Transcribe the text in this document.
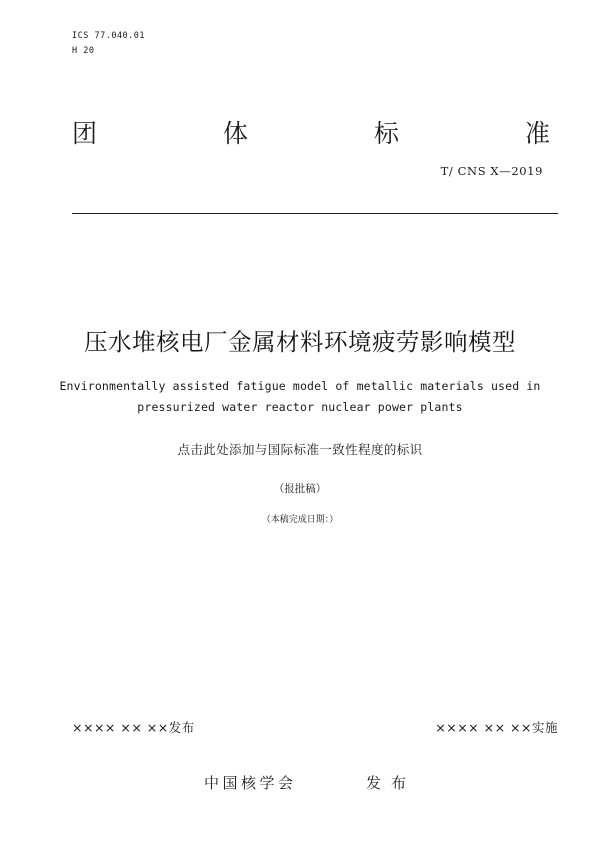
ICS 77.040.01
H 20
团	体	标	准
T/ CNS X—2019
压水堆核电厂金属材料环境疲劳影响模型
Environmentally assisted fatigue model of metallic materials used in pressurized water reactor nuclear power plants
点击此处添加与国际标准一致性程度的标识
（报批稿）
（本稿完成日期：）
×××× ×× ××发布	×××× ×× ××实施
中国核学会	发布
